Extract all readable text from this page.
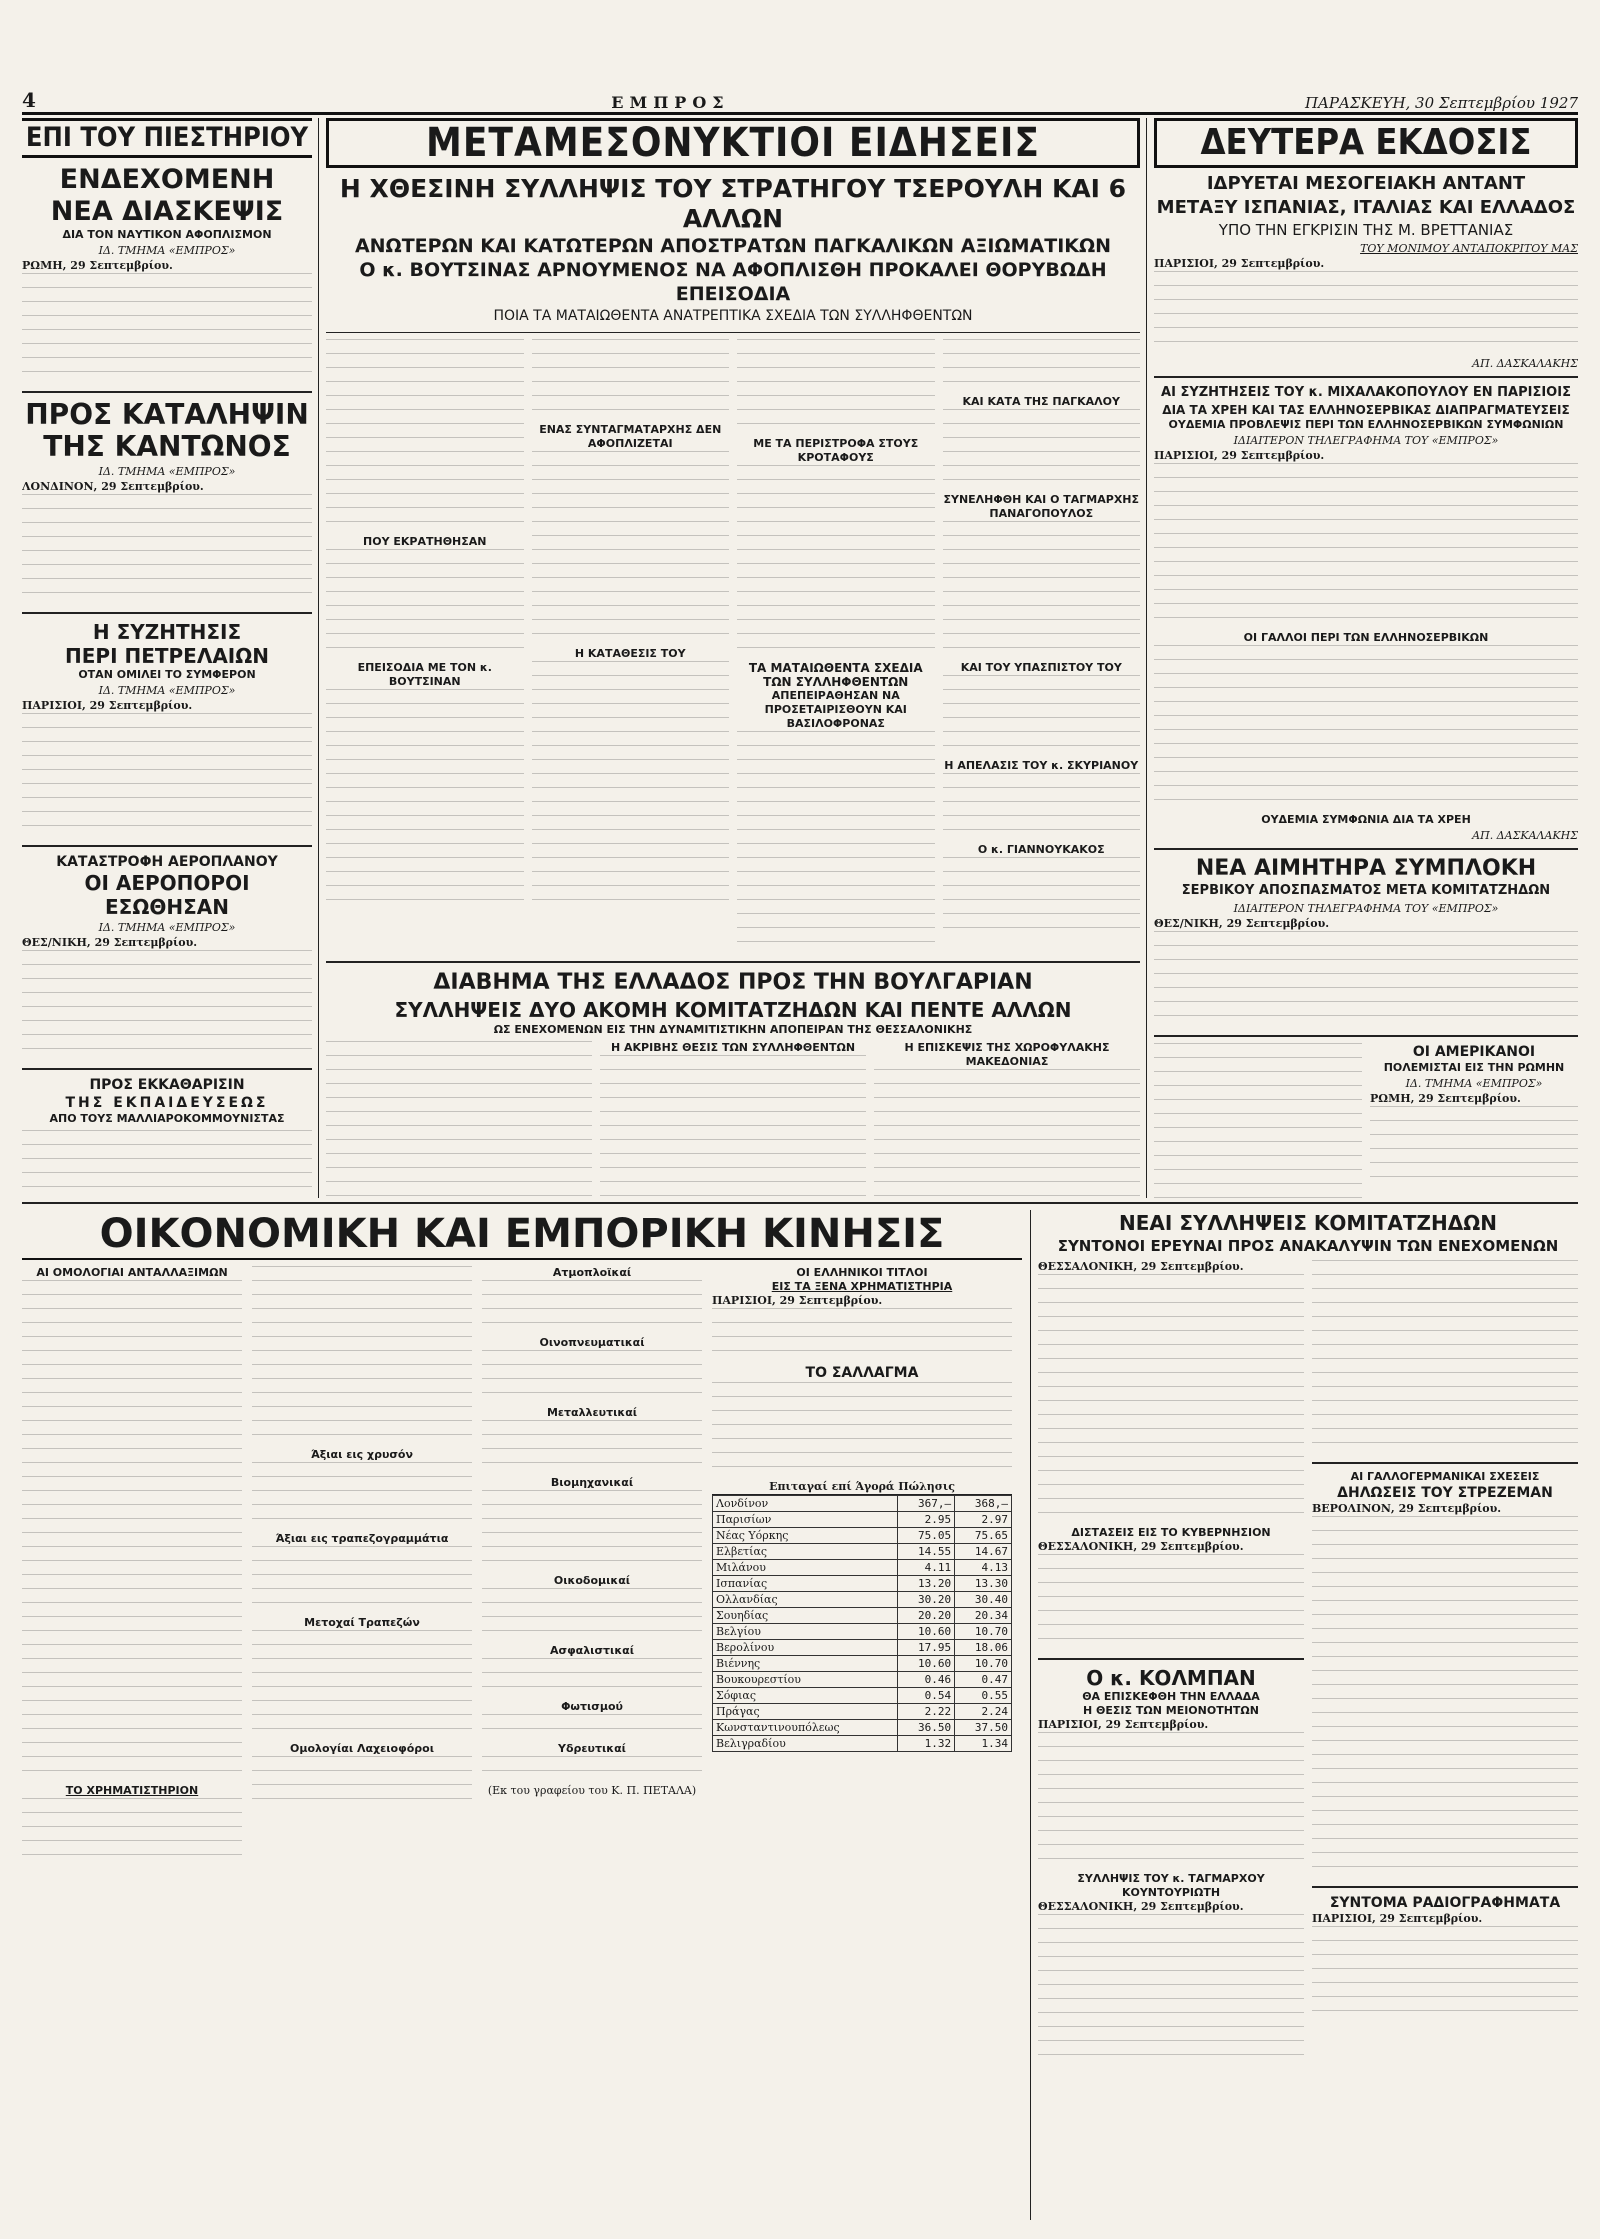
4	ΕΜΠΡΟΣ	ΠΑΡΑΣΚΕΥΗ, 30 Σεπτεμβρίου 1927
ΕΠΙ ΤΟΥ ΠΙΕΣΤΗΡΙΟΥ
ΕΝΔΕΧΟΜΕΝΗ
ΝΕΑ ΔΙΑΣΚΕΨΙΣ
ΔΙΑ ΤΟΝ ΝΑΥΤΙΚΟΝ ΑΦΟΠΛΙΣΜΟΝ
ΙΔ. ΤΜΗΜΑ «ΕΜΠΡΟΣ»
ΡΩΜΗ, 29 Σεπτεμβρίου.
ΠΡΟΣ ΚΑΤΑΛΗΨΙΝ
ΤΗΣ ΚΑΝΤΩΝΟΣ
ΙΔ. ΤΜΗΜΑ «ΕΜΠΡΟΣ»
ΛΟΝΔΙΝΟΝ, 29 Σεπτεμβρίου.
Η ΣΥΖΗΤΗΣΙΣ
ΠΕΡΙ ΠΕΤΡΕΛΑΙΩΝ
ΟΤΑΝ ΟΜΙΛΕΙ ΤΟ ΣΥΜΦΕΡΟΝ
ΙΔ. ΤΜΗΜΑ «ΕΜΠΡΟΣ»
ΠΑΡΙΣΙΟΙ, 29 Σεπτεμβρίου.
ΚΑΤΑΣΤΡΟΦΗ ΑΕΡΟΠΛΑΝΟΥ
ΟΙ ΑΕΡΟΠΟΡΟΙ ΕΣΩΘΗΣΑΝ
ΙΔ. ΤΜΗΜΑ «ΕΜΠΡΟΣ»
ΘΕΣ/ΝΙΚΗ, 29 Σεπτεμβρίου.
ΠΡΟΣ ΕΚΚΑΘΑΡΙΣΙΝ
ΤΗΣ ΕΚΠΑΙΔΕΥΣΕΩΣ
ΑΠΟ ΤΟΥΣ ΜΑΛΛΙΑΡΟΚΟΜΜΟΥΝΙΣΤΑΣ
ΜΕΤΑΜΕΣΟΝΥΚΤΙΟΙ ΕΙΔΗΣΕΙΣ
Η ΧΘΕΣΙΝΗ ΣΥΛΛΗΨΙΣ ΤΟΥ ΣΤΡΑΤΗΓΟΥ ΤΣΕΡΟΥΛΗ ΚΑΙ 6 ΑΛΛΩΝ
ΑΝΩΤΕΡΩΝ ΚΑΙ ΚΑΤΩΤΕΡΩΝ ΑΠΟΣΤΡΑΤΩΝ ΠΑΓΚΑΛΙΚΩΝ ΑΞΙΩΜΑΤΙΚΩΝ
Ο κ. ΒΟΥΤΣΙΝΑΣ ΑΡΝΟΥΜΕΝΟΣ ΝΑ ΑΦΟΠΛΙΣΘΗ ΠΡΟΚΑΛΕΙ ΘΟΡΥΒΩΔΗ ΕΠΕΙΣΟΔΙΑ
ΠΟΙΑ ΤΑ ΜΑΤΑΙΩΘΕΝΤΑ ΑΝΑΤΡΕΠΤΙΚΑ ΣΧΕΔΙΑ ΤΩΝ ΣΥΛΛΗΦΘΕΝΤΩΝ
ΠΟΥ ΕΚΡΑΤΗΘΗΣΑΝ
ΕΠΕΙΣΟΔΙΑ ΜΕ ΤΟΝ κ. ΒΟΥΤΣΙΝΑΝ
ΕΝΑΣ ΣΥΝΤΑΓΜΑΤΑΡΧΗΣ ΔΕΝ ΑΦΟΠΛΙΖΕΤΑΙ
Η ΚΑΤΑΘΕΣΙΣ ΤΟΥ
ΜΕ ΤΑ ΠΕΡΙΣΤΡΟΦΑ ΣΤΟΥΣ ΚΡΟΤΑΦΟΥΣ
ΤΑ ΜΑΤΑΙΩΘΕΝΤΑ ΣΧΕΔΙΑ ΤΩΝ ΣΥΛΛΗΦΘΕΝΤΩΝ
ΑΠΕΠΕΙΡΑΘΗΣΑΝ ΝΑ ΠΡΟΣΕΤΑΙΡΙΣΘΟΥΝ ΚΑΙ ΒΑΣΙΛΟΦΡΟΝΑΣ
ΚΑΙ ΚΑΤΑ ΤΗΣ ΠΑΓΚΑΛΟΥ
ΣΥΝΕΛΗΦΘΗ ΚΑΙ Ο ΤΑΓΜΑΡΧΗΣ ΠΑΝΑΓΟΠΟΥΛΟΣ
ΚΑΙ ΤΟΥ ΥΠΑΣΠΙΣΤΟΥ ΤΟΥ
Η ΑΠΕΛΑΣΙΣ ΤΟΥ κ. ΣΚΥΡΙΑΝΟΥ
Ο κ. ΓΙΑΝΝΟΥΚΑΚΟΣ
ΔΙΑΒΗΜΑ ΤΗΣ ΕΛΛΑΔΟΣ ΠΡΟΣ ΤΗΝ ΒΟΥΛΓΑΡΙΑΝ
ΣΥΛΛΗΨΕΙΣ ΔΥΟ ΑΚΟΜΗ ΚΟΜΙΤΑΤΖΗΔΩΝ ΚΑΙ ΠΕΝΤΕ ΑΛΛΩΝ
ΩΣ ΕΝΕΧΟΜΕΝΩΝ ΕΙΣ ΤΗΝ ΔΥΝΑΜΙΤΙΣΤΙΚΗΝ ΑΠΟΠΕΙΡΑΝ ΤΗΣ ΘΕΣΣΑΛΟΝΙΚΗΣ
Η ΑΚΡΙΒΗΣ ΘΕΣΙΣ ΤΩΝ ΣΥΛΛΗΦΘΕΝΤΩΝ	Η ΕΠΙΣΚΕΨΙΣ ΤΗΣ ΧΩΡΟΦΥΛΑΚΗΣ ΜΑΚΕΔΟΝΙΑΣ
ΔΕΥΤΕΡΑ ΕΚΔΟΣΙΣ
ΙΔΡΥΕΤΑΙ ΜΕΣΟΓΕΙΑΚΗ ΑΝΤΑΝΤ
ΜΕΤΑΞΥ ΙΣΠΑΝΙΑΣ, ΙΤΑΛΙΑΣ ΚΑΙ ΕΛΛΑΔΟΣ
ΥΠΟ ΤΗΝ ΕΓΚΡΙΣΙΝ ΤΗΣ Μ. ΒΡΕΤΤΑΝΙΑΣ
ΤΟΥ ΜΟΝΙΜΟΥ ΑΝΤΑΠΟΚΡΙΤΟΥ ΜΑΣ
ΠΑΡΙΣΙΟΙ, 29 Σεπτεμβρίου.
ΑΠ. ΔΑΣΚΑΛΑΚΗΣ
ΑΙ ΣΥΖΗΤΗΣΕΙΣ ΤΟΥ κ. ΜΙΧΑΛΑΚΟΠΟΥΛΟΥ ΕΝ ΠΑΡΙΣΙΟΙΣ
ΔΙΑ ΤΑ ΧΡΕΗ ΚΑΙ ΤΑΣ ΕΛΛΗΝΟΣΕΡΒΙΚΑΣ ΔΙΑΠΡΑΓΜΑΤΕΥΣΕΙΣ
ΟΥΔΕΜΙΑ ΠΡΟΒΛΕΨΙΣ ΠΕΡΙ ΤΩΝ ΕΛΛΗΝΟΣΕΡΒΙΚΩΝ ΣΥΜΦΩΝΙΩΝ
ΙΔΙΑΙΤΕΡΟΝ ΤΗΛΕΓΡΑΦΗΜΑ ΤΟΥ «ΕΜΠΡΟΣ»
ΠΑΡΙΣΙΟΙ, 29 Σεπτεμβρίου.
ΟΙ ΓΑΛΛΟΙ ΠΕΡΙ ΤΩΝ ΕΛΛΗΝΟΣΕΡΒΙΚΩΝ
ΟΥΔΕΜΙΑ ΣΥΜΦΩΝΙΑ ΔΙΑ ΤΑ ΧΡΕΗ
ΑΠ. ΔΑΣΚΑΛΑΚΗΣ
ΝΕΑ ΑΙΜΗΤΗΡΑ ΣΥΜΠΛΟΚΗ
ΣΕΡΒΙΚΟΥ ΑΠΟΣΠΑΣΜΑΤΟΣ ΜΕΤΑ ΚΟΜΙΤΑΤΖΗΔΩΝ
ΙΔΙΑΙΤΕΡΟΝ ΤΗΛΕΓΡΑΦΗΜΑ ΤΟΥ «ΕΜΠΡΟΣ»
ΘΕΣ/ΝΙΚΗ, 29 Σεπτεμβρίου.
ΟΙ ΑΜΕΡΙΚΑΝΟΙ
ΠΟΛΕΜΙΣΤΑΙ ΕΙΣ ΤΗΝ ΡΩΜΗΝ
ΙΔ. ΤΜΗΜΑ «ΕΜΠΡΟΣ»
ΡΩΜΗ, 29 Σεπτεμβρίου.
ΟΙΚΟΝΟΜΙΚΗ ΚΑΙ ΕΜΠΟΡΙΚΗ ΚΙΝΗΣΙΣ
ΑΙ ΟΜΟΛΟΓΙΑΙ ΑΝΤΑΛΛΑΞΙΜΩΝ
ΤΟ ΧΡΗΜΑΤΙΣΤΗΡΙΟΝ
Άξιαι εις χρυσόν
Άξιαι εις τραπεζογραμμάτια
Μετοχαί Τραπεζών
Ομολογίαι Λαχειοφόροι
Ατμοπλοϊκαί
Οινοπνευματικαί
Μεταλλευτικαί
Βιομηχανικαί
Οικοδομικαί
Ασφαλιστικαί
Φωτισμού
Υδρευτικαί
(Εκ του γραφείου του Κ. Π. ΠΕΤΑΛΑ)
ΟΙ ΕΛΛΗΝΙΚΟΙ ΤΙΤΛΟΙ
ΕΙΣ ΤΑ ΞΕΝΑ ΧΡΗΜΑΤΙΣΤΗΡΙΑ
ΠΑΡΙΣΙΟΙ, 29 Σεπτεμβρίου.
ΤΟ ΣΑΛΛΑΓΜΑ
Επιταγαί επί Άγορά Πώλησις
Λονδίνον	367,—	368,—
Παρισίων	2.95	2.97
Νέας Υόρκης	75.05	75.65
Ελβετίας	14.55	14.67
Μιλάνου	4.11	4.13
Ισπανίας	13.20	13.30
Ολλανδίας	30.20	30.40
Σουηδίας	20.20	20.34
Βελγίου	10.60	10.70
Βερολίνου	17.95	18.06
Βιέννης	10.60	10.70
Βουκουρεστίου	0.46	0.47
Σόφιας	0.54	0.55
Πράγας	2.22	2.24
Κωνσταντινουπόλεως	36.50	37.50
Βελιγραδίου	1.32	1.34
ΝΕΑΙ ΣΥΛΛΗΨΕΙΣ ΚΟΜΙΤΑΤΖΗΔΩΝ
ΣΥΝΤΟΝΟΙ ΕΡΕΥΝΑΙ ΠΡΟΣ ΑΝΑΚΑΛΥΨΙΝ ΤΩΝ ΕΝΕΧΟΜΕΝΩΝ
ΘΕΣΣΑΛΟΝΙΚΗ, 29 Σεπτεμβρίου.
ΔΙΣΤΑΣΕΙΣ ΕΙΣ ΤΟ ΚΥΒΕΡΝΗΣΙΟΝ
ΘΕΣΣΑΛΟΝΙΚΗ, 29 Σεπτεμβρίου.
Ο κ. ΚΟΛΜΠΑΝ
ΘΑ ΕΠΙΣΚΕΦΘΗ ΤΗΝ ΕΛΛΑΔΑ
Η ΘΕΣΙΣ ΤΩΝ ΜΕΙΟΝΟΤΗΤΩΝ
ΠΑΡΙΣΙΟΙ, 29 Σεπτεμβρίου.
ΣΥΛΛΗΨΙΣ ΤΟΥ κ. ΤΑΓΜΑΡΧΟΥ ΚΟΥΝΤΟΥΡΙΩΤΗ
ΘΕΣΣΑΛΟΝΙΚΗ, 29 Σεπτεμβρίου.
ΑΙ ΓΑΛΛΟΓΕΡΜΑΝΙΚΑΙ ΣΧΕΣΕΙΣ
ΔΗΛΩΣΕΙΣ ΤΟΥ ΣΤΡΕΖΕΜΑΝ
ΒΕΡΟΛΙΝΟΝ, 29 Σεπτεμβρίου.
ΣΥΝΤΟΜΑ ΡΑΔΙΟΓΡΑΦΗΜΑΤΑ
ΠΑΡΙΣΙΟΙ, 29 Σεπτεμβρίου.
